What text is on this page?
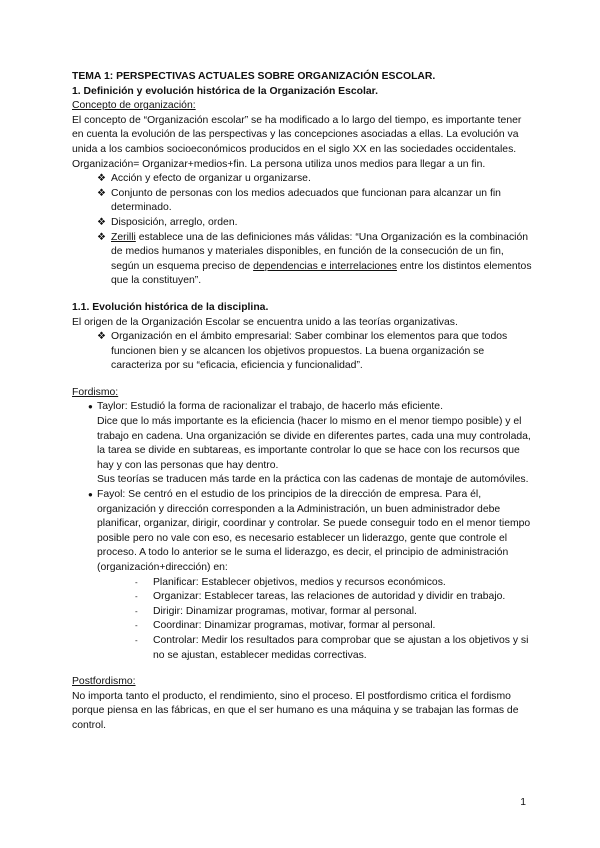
TEMA 1: PERSPECTIVAS ACTUALES SOBRE ORGANIZACIÓN ESCOLAR.

1. Definición y evolución histórica de la Organización Escolar.

Concepto de organización:

El concepto de “Organización escolar” se ha modificado a lo largo del tiempo, es importante tener en cuenta la evolución de las perspectivas y las concepciones asociadas a ellas. La evolución va unida a los cambios socioeconómicos producidos en el siglo XX en las sociedades occidentales.

Organización= Organizar+medios+fin. La persona utiliza unos medios para llegar a un fin.

❖ Acción y efecto de organizar u organizarse.
❖ Conjunto de personas con los medios adecuados que funcionan para alcanzar un fin determinado.
❖ Disposición, arreglo, orden.
❖ Zerilli establece una de las definiciones más válidas: “Una Organización es la combinación de medios humanos y materiales disponibles, en función de la consecución de un fin, según un esquema preciso de dependencias e interrelaciones entre los distintos elementos que la constituyen”.

1.1. Evolución histórica de la disciplina.

El origen de la Organización Escolar se encuentra unido a las teorías organizativas.

❖ Organización en el ámbito empresarial: Saber combinar los elementos para que todos funcionen bien y se alcancen los objetivos propuestos. La buena organización se caracteriza por su “eficacia, eficiencia y funcionalidad”.

Fordismo:

● Taylor: Estudió la forma de racionalizar el trabajo, de hacerlo más eficiente.
Dice que lo más importante es la eficiencia (hacer lo mismo en el menor tiempo posible) y el trabajo en cadena. Una organización se divide en diferentes partes, cada una muy controlada, la tarea se divide en subtareas, es importante controlar lo que se hace con los recursos que hay y con las personas que hay dentro.
Sus teorías se traducen más tarde en la práctica con las cadenas de montaje de automóviles.
● Fayol: Se centró en el estudio de los principios de la dirección de empresa. Para él, organización y dirección corresponden a la Administración, un buen administrador debe planificar, organizar, dirigir, coordinar y controlar. Se puede conseguir todo en el menor tiempo posible pero no vale con eso, es necesario establecer un liderazgo, gente que controle el proceso. A todo lo anterior se le suma el liderazgo, es decir, el principio de administración (organización+dirección) en:
- Planificar: Establecer objetivos, medios y recursos económicos.
- Organizar: Establecer tareas, las relaciones de autoridad y dividir en trabajo.
- Dirigir: Dinamizar programas, motivar, formar al personal.
- Coordinar: Dinamizar programas, motivar, formar al personal.
- Controlar: Medir los resultados para comprobar que se ajustan a los objetivos y si no se ajustan, establecer medidas correctivas.

Postfordismo:

No importa tanto el producto, el rendimiento, sino el proceso. El postfordismo critica el fordismo porque piensa en las fábricas, en que el ser humano es una máquina y se trabajan las formas de control.

1
